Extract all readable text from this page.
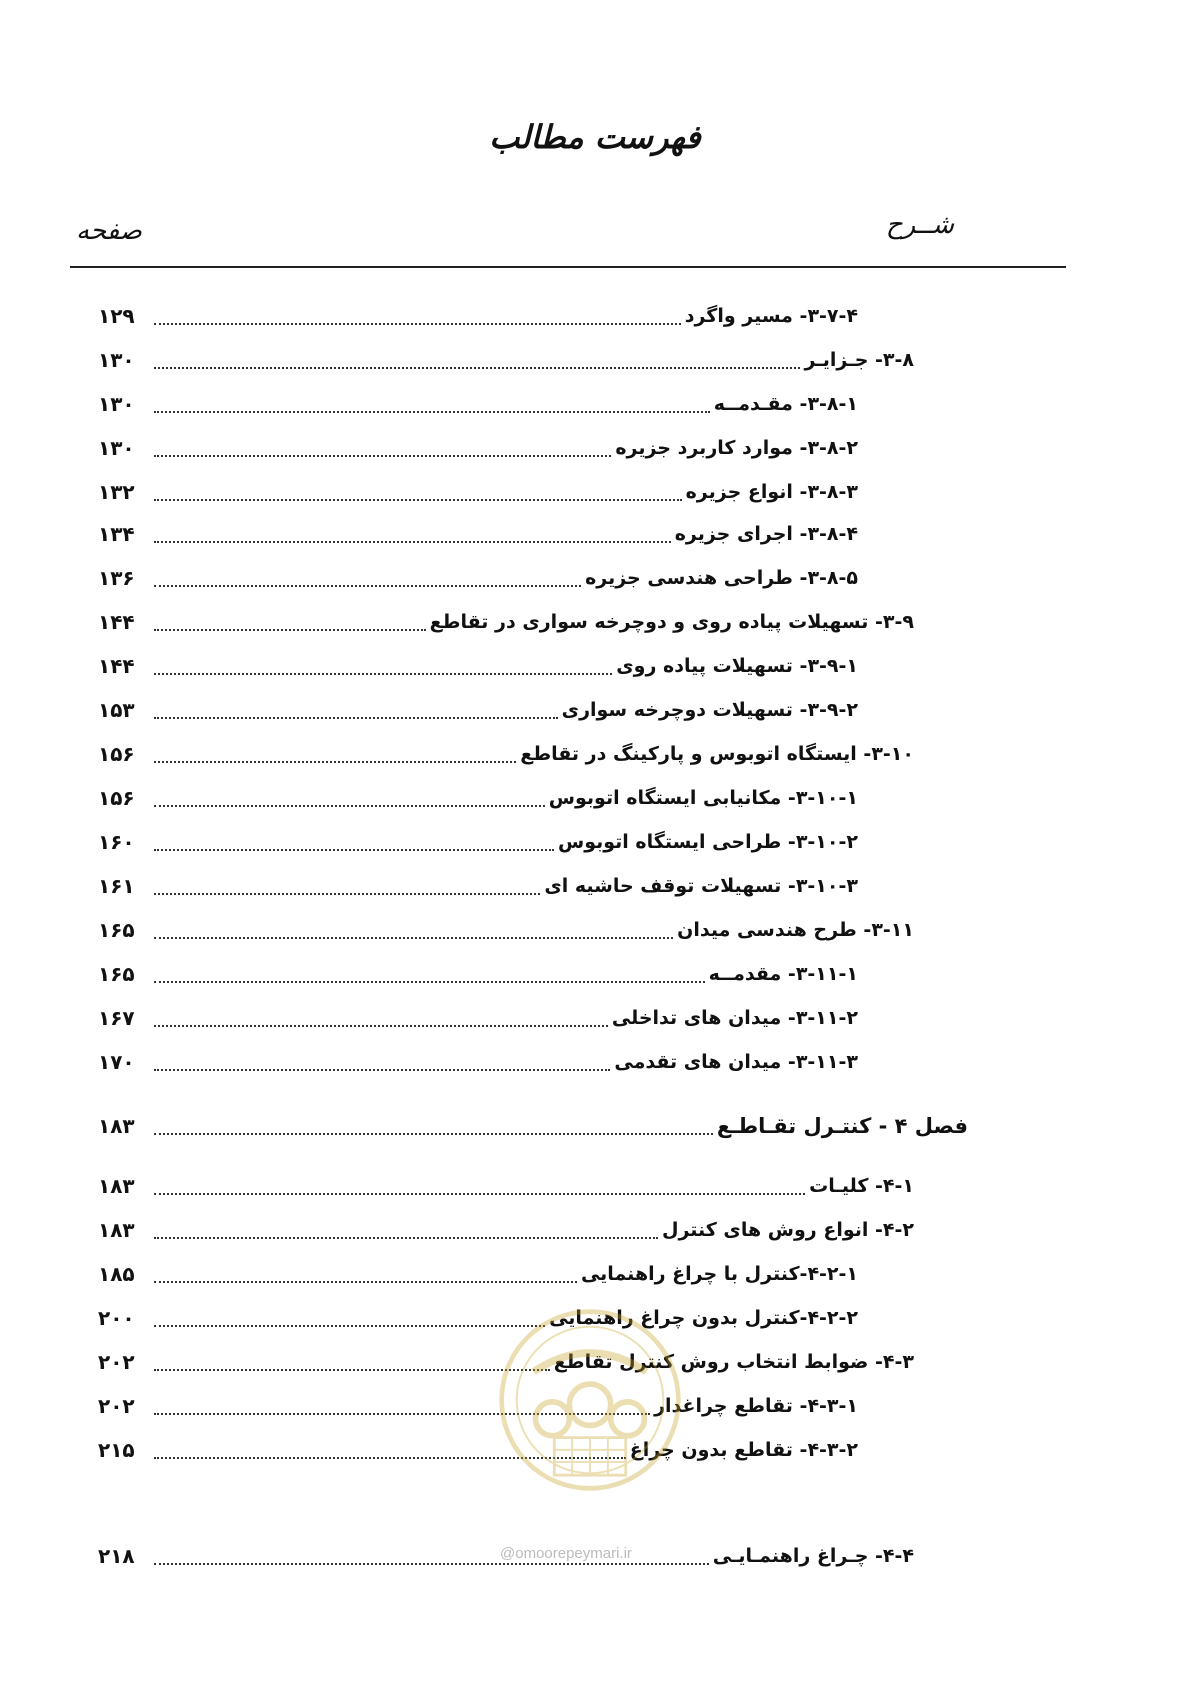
فهرست مطالب
شــرح
صفحه
۱۲۹	۳-۷-۴- مسیر واگرد
۱۳۰	۳-۸- جـزایـر
۱۳۰	۳-۸-۱- مقـدمــه
۱۳۰	۳-۸-۲- موارد کاربرد جزیره
۱۳۲	۳-۸-۳- انواع جزیره
۱۳۴	۳-۸-۴- اجرای جزیره
۱۳۶	۳-۸-۵- طراحی هندسی جزیره
۱۴۴	۳-۹- تسهیلات پیاده روی و دوچرخه سواری در تقاطع
۱۴۴	۳-۹-۱- تسهیلات پیاده روی
۱۵۳	۳-۹-۲- تسهیلات دوچرخه سواری
۱۵۶	۳-۱۰- ایستگاه اتوبوس و پارکینگ در تقاطع
۱۵۶	۳-۱۰-۱- مکانیابی ایستگاه اتوبوس
۱۶۰	۳-۱۰-۲- طراحی ایستگاه اتوبوس
۱۶۱	۳-۱۰-۳- تسهیلات توقف حاشیه ای
۱۶۵	۳-۱۱- طرح هندسی میدان
۱۶۵	۳-۱۱-۱- مقدمــه
۱۶۷	۳-۱۱-۲- میدان های تداخلی
۱۷۰	۳-۱۱-۳- میدان های تقدمی
۱۸۳	فصل ۴ - کنتـرل تقـاطـع
۱۸۳	۴-۱- کلیـات
۱۸۳	۴-۲- انواع روش های کنترل
۱۸۵	۴-۲-۱-کنترل با چراغ راهنمایی
۲۰۰	۴-۲-۲-کنترل بدون چراغ راهنمایی
۲۰۲	۴-۳- ضوابط انتخاب روش کنترل تقاطع
۲۰۲	۴-۳-۱- تقاطع چراغدار
۲۱۵	۴-۳-۲- تقاطع بدون چراغ
۲۱۸	۴-۴- چـراغ راهنمـایـی
@omoorepeymari.ir
